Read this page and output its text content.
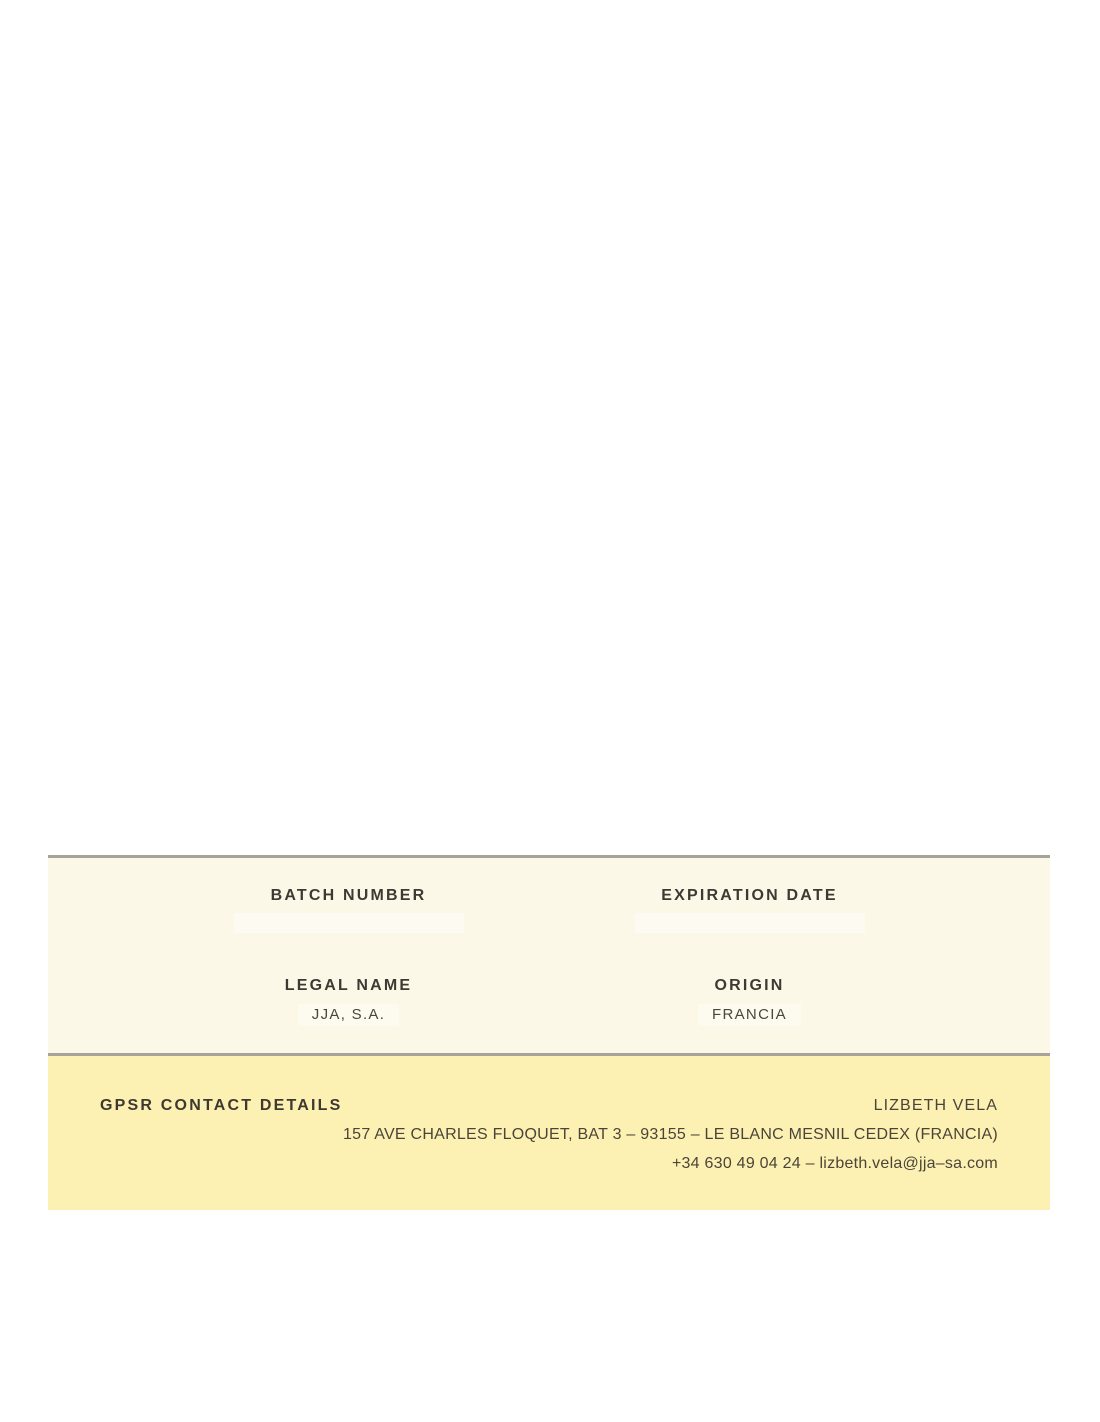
BATCH NUMBER	EXPIRATION DATE
LEGAL NAME
JJA, S.A.
ORIGIN
FRANCIA
GPSR CONTACT DETAILS	LIZBETH VELA
157 AVE CHARLES FLOQUET, BAT 3 – 93155 – LE BLANC MESNIL CEDEX (FRANCIA)
+34 630 49 04 24 – lizbeth.vela@jja–sa.com
